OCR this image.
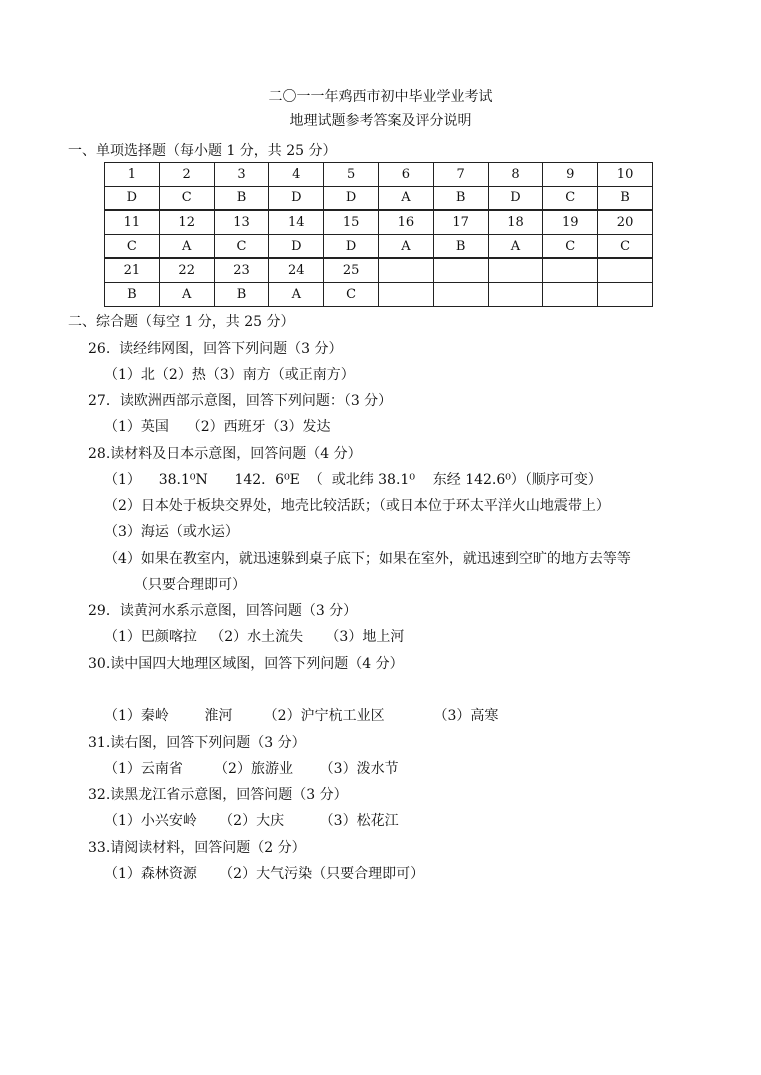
二〇一一年鸡西市初中毕业学业考试
地理试题参考答案及评分说明
一、单项选择题（每小题 1 分，共 25 分）
1	2	3	4	5	6	7	8	9	10
D	C	B	D	D	A	B	D	C	B
11	12	13	14	15	16	17	18	19	20
C	A	C	D	D	A	B	A	C	C
21	22	23	24	25					
B	A	B	A	C					
二、综合题（每空 1 分，共 25 分）
26.  读经纬网图，回答下列问题（3 分）
（1）北（2）热（3）南方（或正南方）
27．读欧洲西部示意图，回答下列问题：（3 分）
（1）英国    （2）西班牙（3）发达
28.读材料及日本示意图，回答问题（4 分）
（1）    38.1⁰N      142．6⁰E  （  或北纬 38.1⁰    东经 142.6⁰）（顺序可变）
（2）日本处于板块交界处，地壳比较活跃；（或日本位于环太平洋火山地震带上）
（3）海运（或水运）
（4）如果在教室内，就迅速躲到桌子底下；如果在室外，就迅速到空旷的地方去等等
（只要合理即可）
29．读黄河水系示意图，回答问题（3 分）
（1）巴颜喀拉   （2）水土流失     （3）地上河
30.读中国四大地理区域图，回答下列问题（4 分）
（1）秦岭        淮河       （2）沪宁杭工业区           （3）高寒
31.读右图，回答下列问题（3 分）
（1）云南省       （2）旅游业      （3）泼水节
32.读黑龙江省示意图，回答问题（3 分）
（1）小兴安岭     （2）大庆        （3）松花江
33.请阅读材料，回答问题（2 分）
（1）森林资源     （2）大气污染（只要合理即可）
